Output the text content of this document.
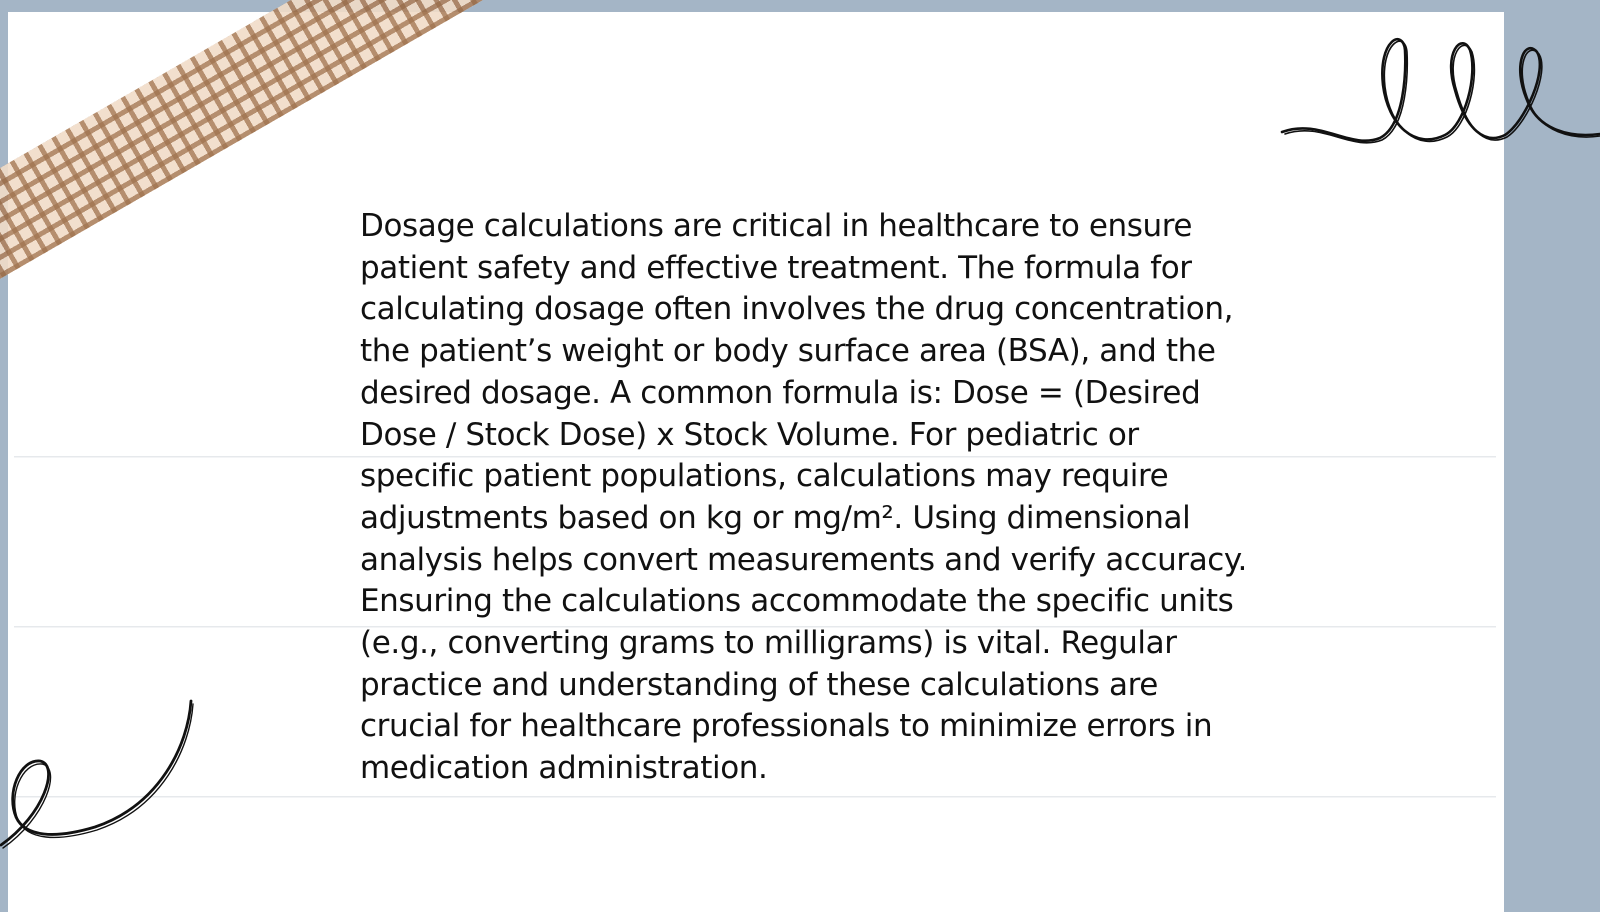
Dosage calculations are critical in healthcare to ensure patient safety and effective treatment. The formula for calculating dosage often involves the drug concentration, the patient’s weight or body surface area (BSA), and the desired dosage. A common formula is: Dose = (Desired Dose / Stock Dose) x Stock Volume. For pediatric or specific patient populations, calculations may require adjustments based on kg or mg/m². Using dimensional analysis helps convert measurements and verify accuracy. Ensuring the calculations accommodate the specific units (e.g., converting grams to milligrams) is vital. Regular practice and understanding of these calculations are crucial for healthcare professionals to minimize errors in medication administration.
